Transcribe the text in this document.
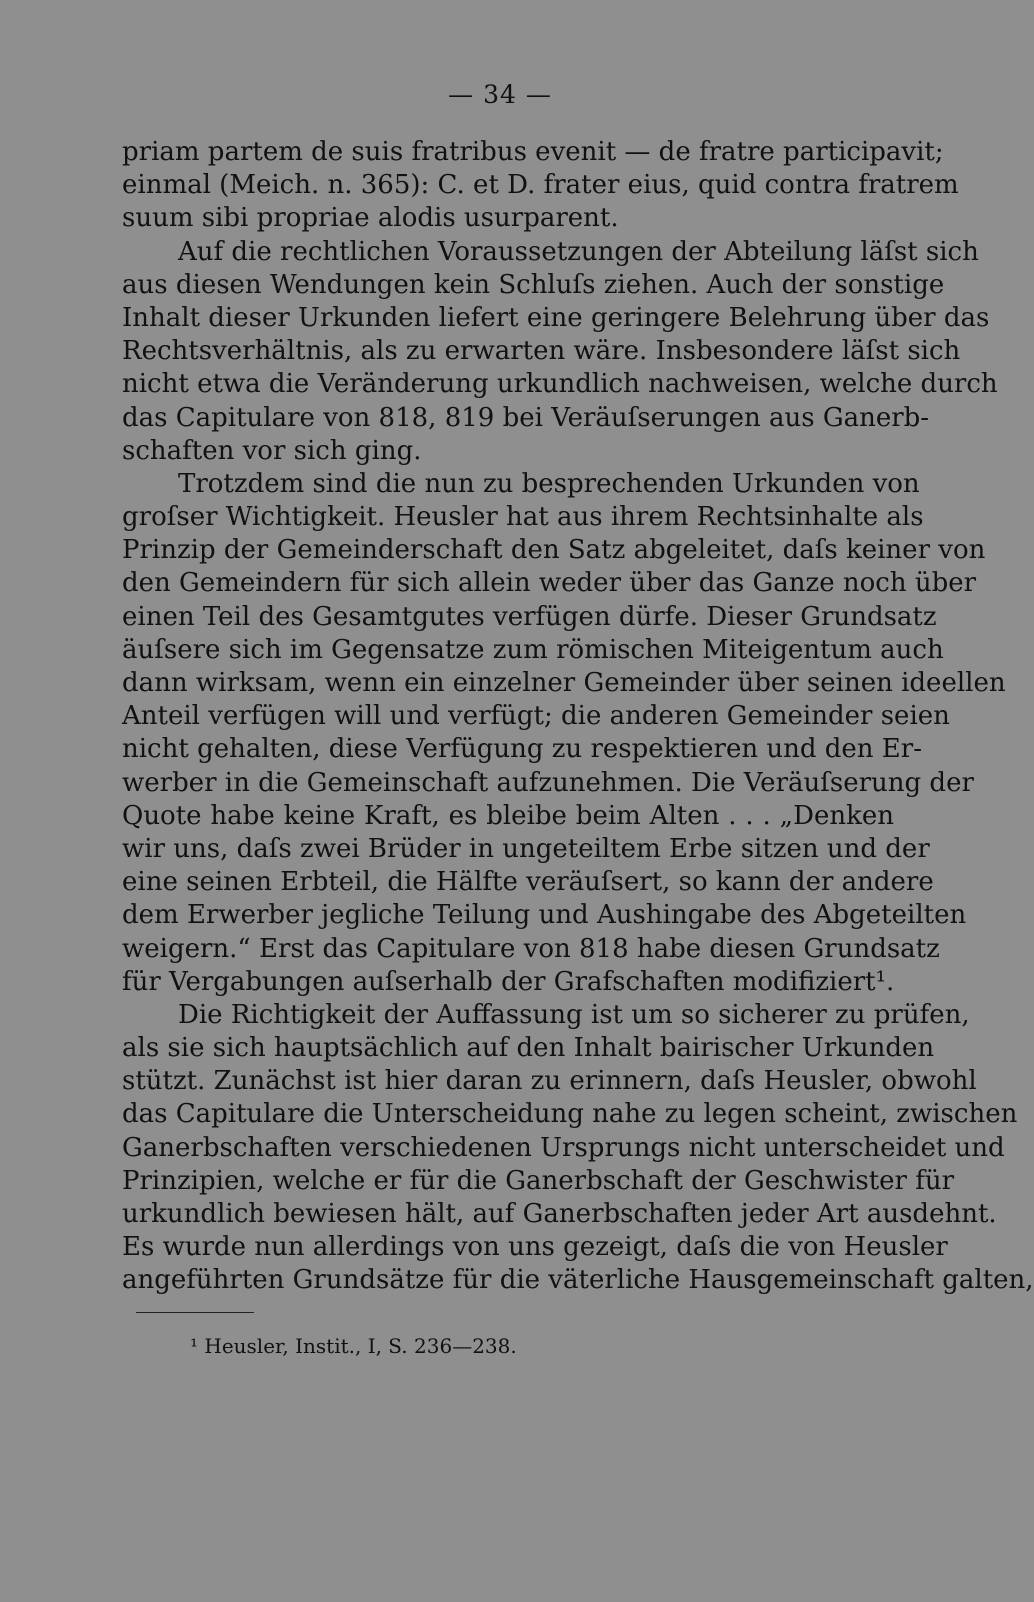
— 34 —
priam partem de suis fratribus evenit — de fratre participavit;
einmal (Meich. n. 365): C. et D. frater eius, quid contra fratrem
suum sibi propriae alodis usurparent.
Auf die rechtlichen Voraussetzungen der Abteilung läſst sich
aus diesen Wendungen kein Schluſs ziehen. Auch der sonstige
Inhalt dieser Urkunden liefert eine geringere Belehrung über das
Rechtsverhältnis, als zu erwarten wäre. Insbesondere läſst sich
nicht etwa die Veränderung urkundlich nachweisen, welche durch
das Capitulare von 818, 819 bei Veräuſserungen aus Ganerb-
schaften vor sich ging.
Trotzdem sind die nun zu besprechenden Urkunden von
groſser Wichtigkeit. Heusler hat aus ihrem Rechtsinhalte als
Prinzip der Gemeinderschaft den Satz abgeleitet, daſs keiner von
den Gemeindern für sich allein weder über das Ganze noch über
einen Teil des Gesamtgutes verfügen dürfe. Dieser Grundsatz
äuſsere sich im Gegensatze zum römischen Miteigentum auch
dann wirksam, wenn ein einzelner Gemeinder über seinen ideellen
Anteil verfügen will und verfügt; die anderen Gemeinder seien
nicht gehalten, diese Verfügung zu respektieren und den Er-
werber in die Gemeinschaft aufzunehmen. Die Veräuſserung der
Quote habe keine Kraft, es bleibe beim Alten . . . „Denken
wir uns, daſs zwei Brüder in ungeteiltem Erbe sitzen und der
eine seinen Erbteil, die Hälfte veräuſsert, so kann der andere
dem Erwerber jegliche Teilung und Aushingabe des Abgeteilten
weigern.“ Erst das Capitulare von 818 habe diesen Grundsatz
für Vergabungen auſserhalb der Grafschaften modifiziert¹.
Die Richtigkeit der Auffassung ist um so sicherer zu prüfen,
als sie sich hauptsächlich auf den Inhalt bairischer Urkunden
stützt. Zunächst ist hier daran zu erinnern, daſs Heusler, obwohl
das Capitulare die Unterscheidung nahe zu legen scheint, zwischen
Ganerbschaften verschiedenen Ursprungs nicht unterscheidet und
Prinzipien, welche er für die Ganerbschaft der Geschwister für
urkundlich bewiesen hält, auf Ganerbschaften jeder Art ausdehnt.
Es wurde nun allerdings von uns gezeigt, daſs die von Heusler
angeführten Grundsätze für die väterliche Hausgemeinschaft galten,
¹ Heusler, Instit., I, S. 236—238.
